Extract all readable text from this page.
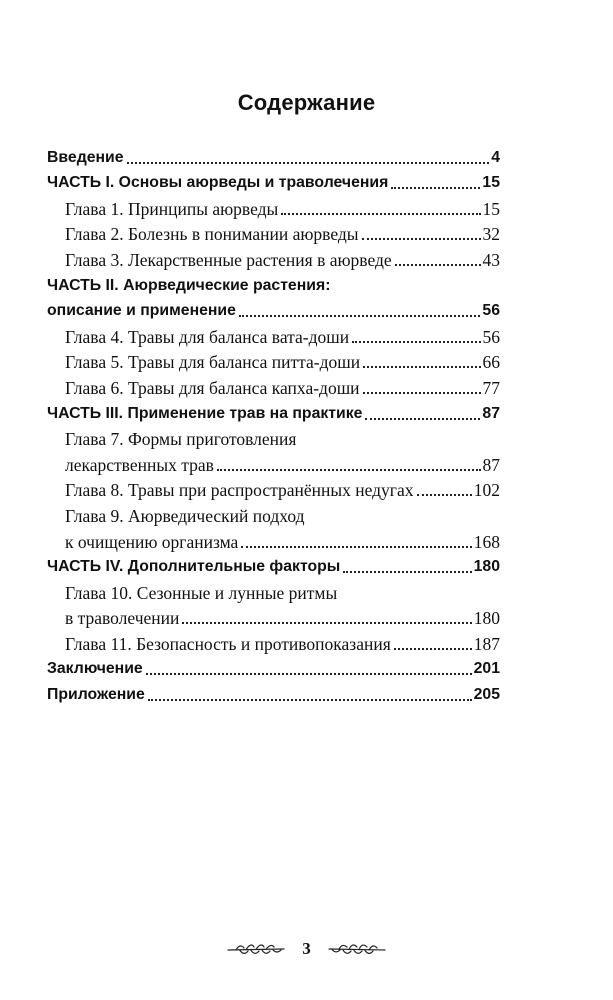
Содержание
Введение	4
ЧАСТЬ I. Основы аюрведы и траволечения	15
Глава 1. Принципы аюрведы	15
Глава 2. Болезнь в понимании аюрведы	32
Глава 3. Лекарственные растения в аюрведе	43
ЧАСТЬ II. Аюрведические растения:
описание и применение	56
Глава 4. Травы для баланса вата-доши	56
Глава 5. Травы для баланса питта-доши	66
Глава 6. Травы для баланса капха-доши	77
ЧАСТЬ III. Применение трав на практике	87
Глава 7. Формы приготовления
лекарственных трав	87
Глава 8. Травы при распространённых недугах	102
Глава 9. Аюрведический подход
к очищению организма	168
ЧАСТЬ IV. Дополнительные факторы	180
Глава 10. Сезонные и лунные ритмы
в траволечении	180
Глава 11. Безопасность и противопоказания	187
Заключение	201
Приложение	205
3
